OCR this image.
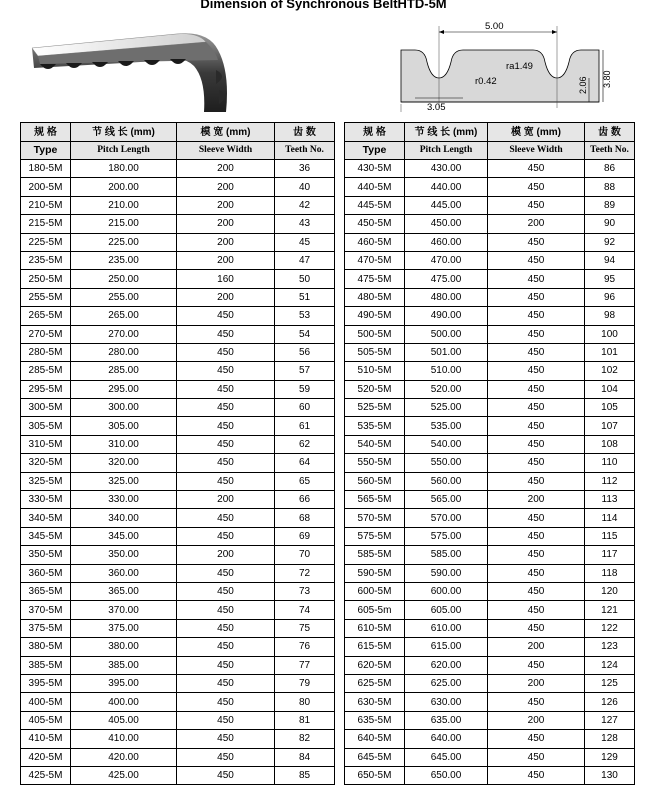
Dimension of Synchronous BeltHTD-5M
5.00
ra1.49
r0.42
3.05
2.06 3.80
规 格	节 线 长 (mm)	模 宽 (mm)	齿 数
Type	Pitch Length	Sleeve Width	Teeth No.
180-5M	180.00	200	36
200-5M	200.00	200	40
210-5M	210.00	200	42
215-5M	215.00	200	43
225-5M	225.00	200	45
235-5M	235.00	200	47
250-5M	250.00	160	50
255-5M	255.00	200	51
265-5M	265.00	450	53
270-5M	270.00	450	54
280-5M	280.00	450	56
285-5M	285.00	450	57
295-5M	295.00	450	59
300-5M	300.00	450	60
305-5M	305.00	450	61
310-5M	310.00	450	62
320-5M	320.00	450	64
325-5M	325.00	450	65
330-5M	330.00	200	66
340-5M	340.00	450	68
345-5M	345.00	450	69
350-5M	350.00	200	70
360-5M	360.00	450	72
365-5M	365.00	450	73
370-5M	370.00	450	74
375-5M	375.00	450	75
380-5M	380.00	450	76
385-5M	385.00	450	77
395-5M	395.00	450	79
400-5M	400.00	450	80
405-5M	405.00	450	81
410-5M	410.00	450	82
420-5M	420.00	450	84
425-5M	425.00	450	85
规 格	节 线 长 (mm)	模 宽 (mm)	齿 数
Type	Pitch Length	Sleeve Width	Teeth No.
430-5M	430.00	450	86
440-5M	440.00	450	88
445-5M	445.00	450	89
450-5M	450.00	200	90
460-5M	460.00	450	92
470-5M	470.00	450	94
475-5M	475.00	450	95
480-5M	480.00	450	96
490-5M	490.00	450	98
500-5M	500.00	450	100
505-5M	501.00	450	101
510-5M	510.00	450	102
520-5M	520.00	450	104
525-5M	525.00	450	105
535-5M	535.00	450	107
540-5M	540.00	450	108
550-5M	550.00	450	110
560-5M	560.00	450	112
565-5M	565.00	200	113
570-5M	570.00	450	114
575-5M	575.00	450	115
585-5M	585.00	450	117
590-5M	590.00	450	118
600-5M	600.00	450	120
605-5m	605.00	450	121
610-5M	610.00	450	122
615-5M	615.00	200	123
620-5M	620.00	450	124
625-5M	625.00	200	125
630-5M	630.00	450	126
635-5M	635.00	200	127
640-5M	640.00	450	128
645-5M	645.00	450	129
650-5M	650.00	450	130
